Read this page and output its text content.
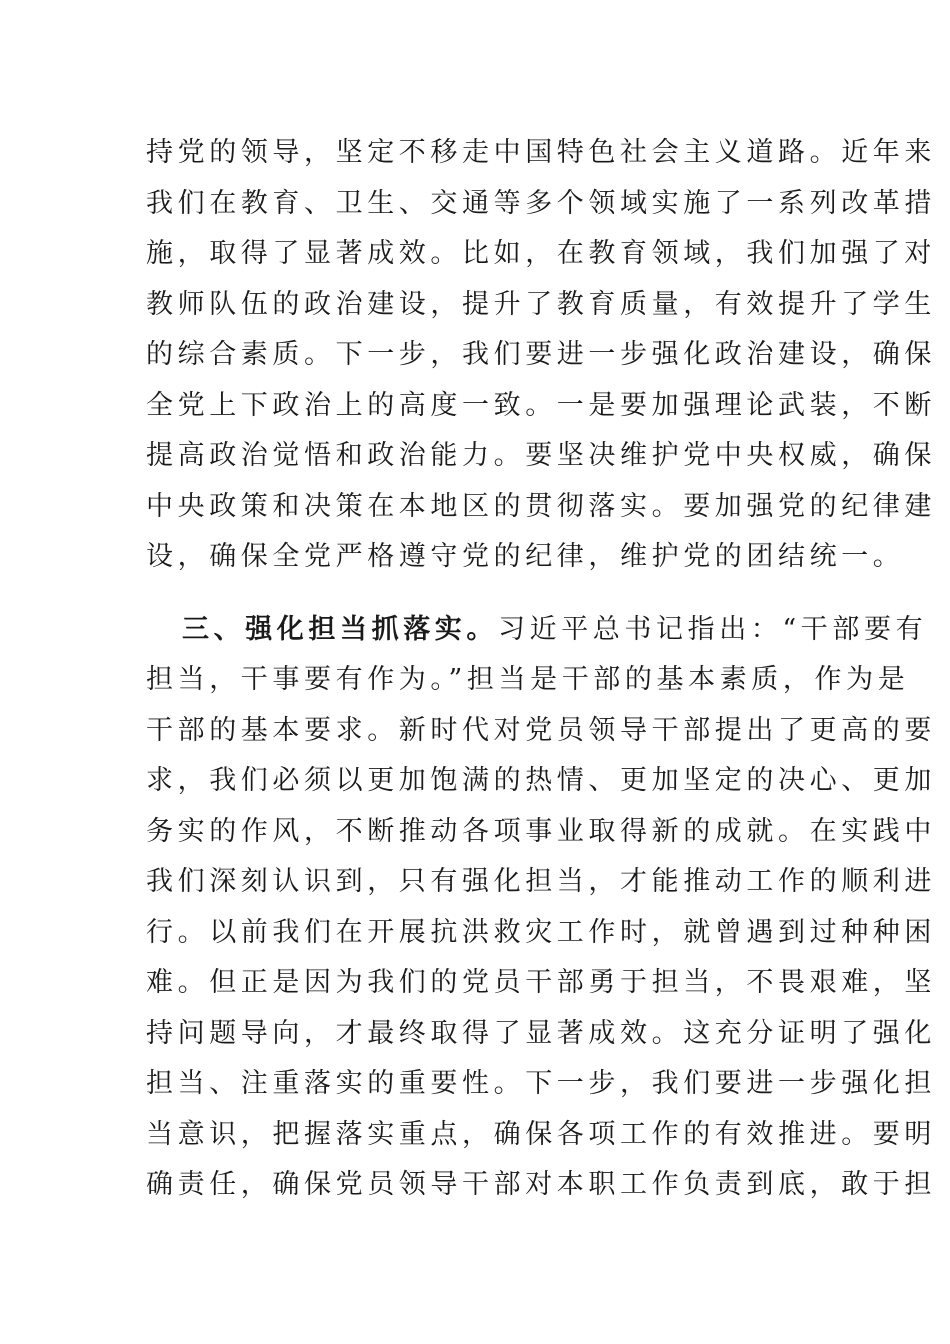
持党的领导，坚定不移走中国特色社会主义道路。近年来
我们在教育、卫生、交通等多个领域实施了一系列改革措
施，取得了显著成效。比如，在教育领域，我们加强了对
教师队伍的政治建设，提升了教育质量，有效提升了学生
的综合素质。下一步，我们要进一步强化政治建设，确保
全党上下政治上的高度一致。一是要加强理论武装，不断
提高政治觉悟和政治能力。要坚决维护党中央权威，确保
中央政策和决策在本地区的贯彻落实。要加强党的纪律建
设，确保全党严格遵守党的纪律，维护党的团结统一。
三、强化担当抓落实。习近平总书记指出：“干部要有
担当，干事要有作为。”担当是干部的基本素质，作为是
干部的基本要求。新时代对党员领导干部提出了更高的要
求，我们必须以更加饱满的热情、更加坚定的决心、更加
务实的作风，不断推动各项事业取得新的成就。在实践中
我们深刻认识到，只有强化担当，才能推动工作的顺利进
行。以前我们在开展抗洪救灾工作时，就曾遇到过种种困
难。但正是因为我们的党员干部勇于担当，不畏艰难，坚
持问题导向，才最终取得了显著成效。这充分证明了强化
担当、注重落实的重要性。下一步，我们要进一步强化担
当意识，把握落实重点，确保各项工作的有效推进。要明
确责任，确保党员领导干部对本职工作负责到底，敢于担
